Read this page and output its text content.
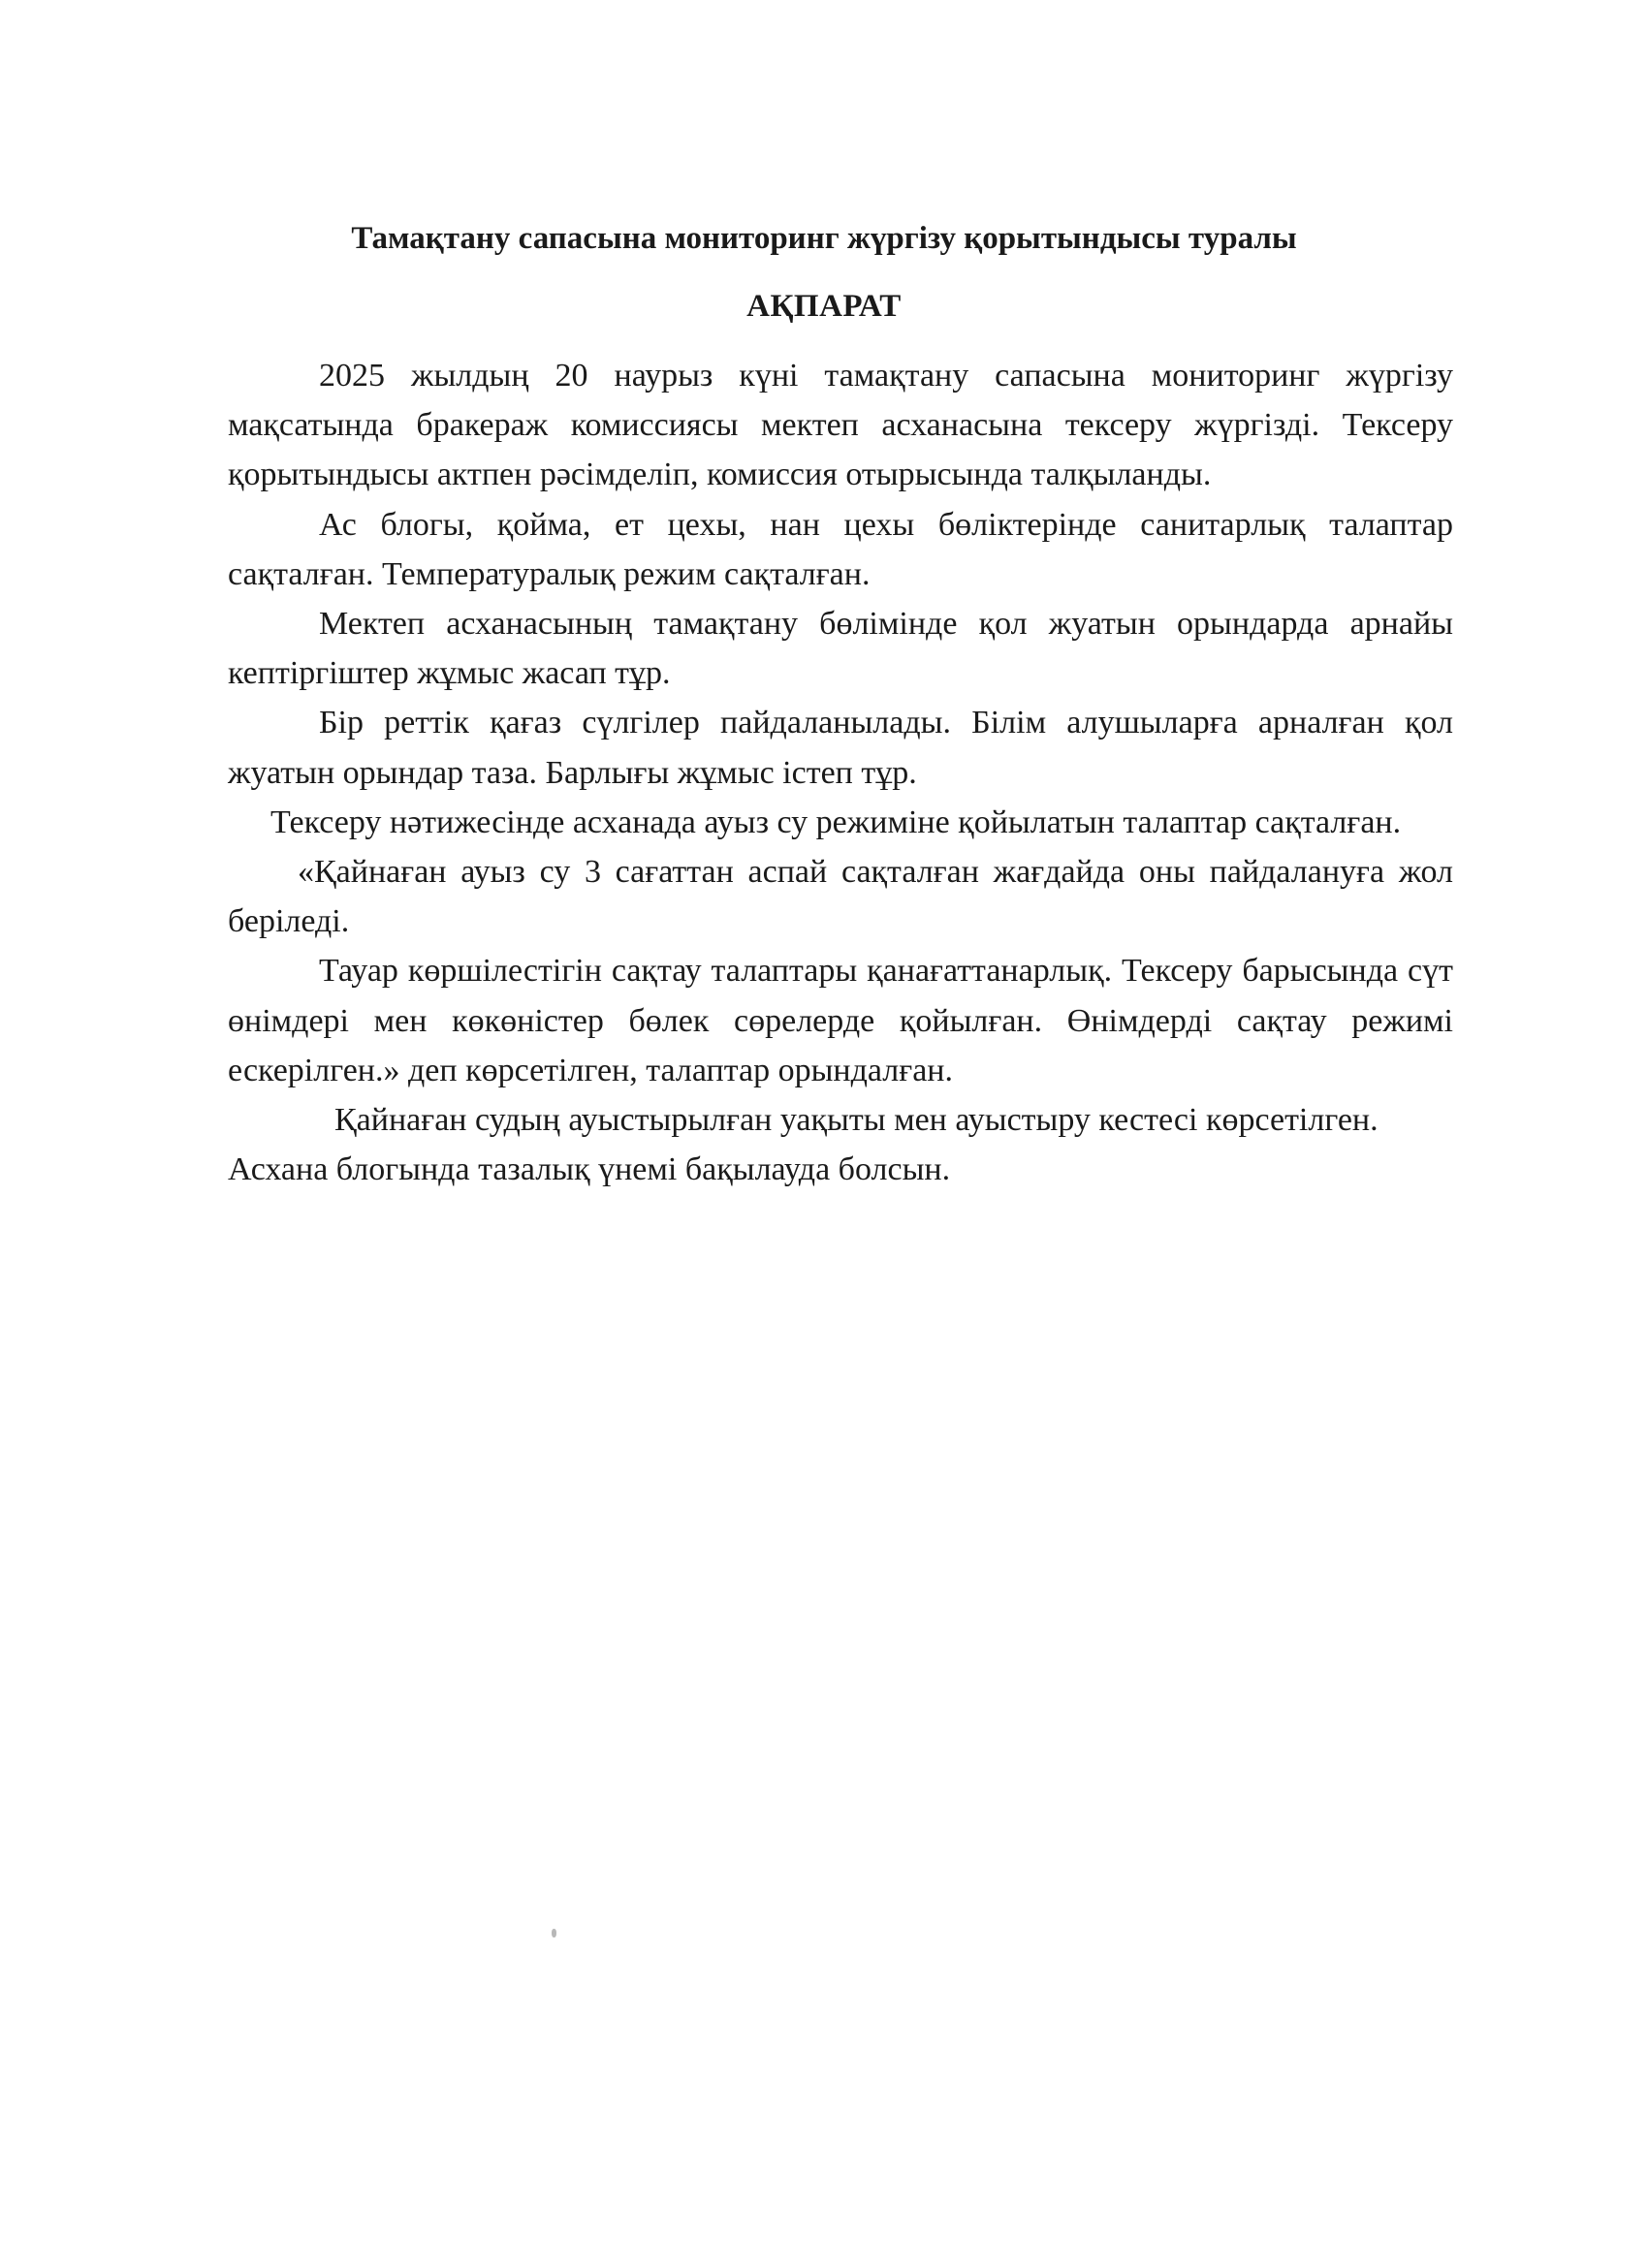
Тамақтану сапасына мониторинг жүргізу қорытындысы туралы
АҚПАРАТ

2025 жылдың 20 наурыз күні тамақтану сапасына мониторинг жүргізу мақсатында бракераж комиссиясы мектеп асханасына тексеру жүргізді. Тексеру қорытындысы актпен рәсімделіп, комиссия отырысында талқыланды.

Ас блогы, қойма, ет цехы, нан цехы бөліктерінде санитарлық талаптар сақталған. Температуралық режим сақталған.

Мектеп асханасының тамақтану бөлімінде қол жуатын орындарда арнайы кептіргіштер жұмыс жасап тұр.

Бір реттік қағаз сүлгілер пайдаланылады. Білім алушыларға арналған қол жуатын орындар таза. Барлығы жұмыс істеп тұр.

Тексеру нәтижесінде асханада ауыз су режиміне қойылатын талаптар сақталған.

«Қайнаған ауыз су 3 сағаттан аспай сақталған жағдайда оны пайдалануға жол беріледі.

Тауар көршілестігін сақтау талаптары қанағаттанарлық. Тексеру барысында сүт өнімдері мен көкөністер бөлек сөрелерде қойылған. Өнімдерді сақтау режимі ескерілген.» деп көрсетілген, талаптар орындалған.

Қайнаған судың ауыстырылған уақыты мен ауыстыру кестесі көрсетілген.

Асхана блогында тазалық үнемі бақылауда болсын.
